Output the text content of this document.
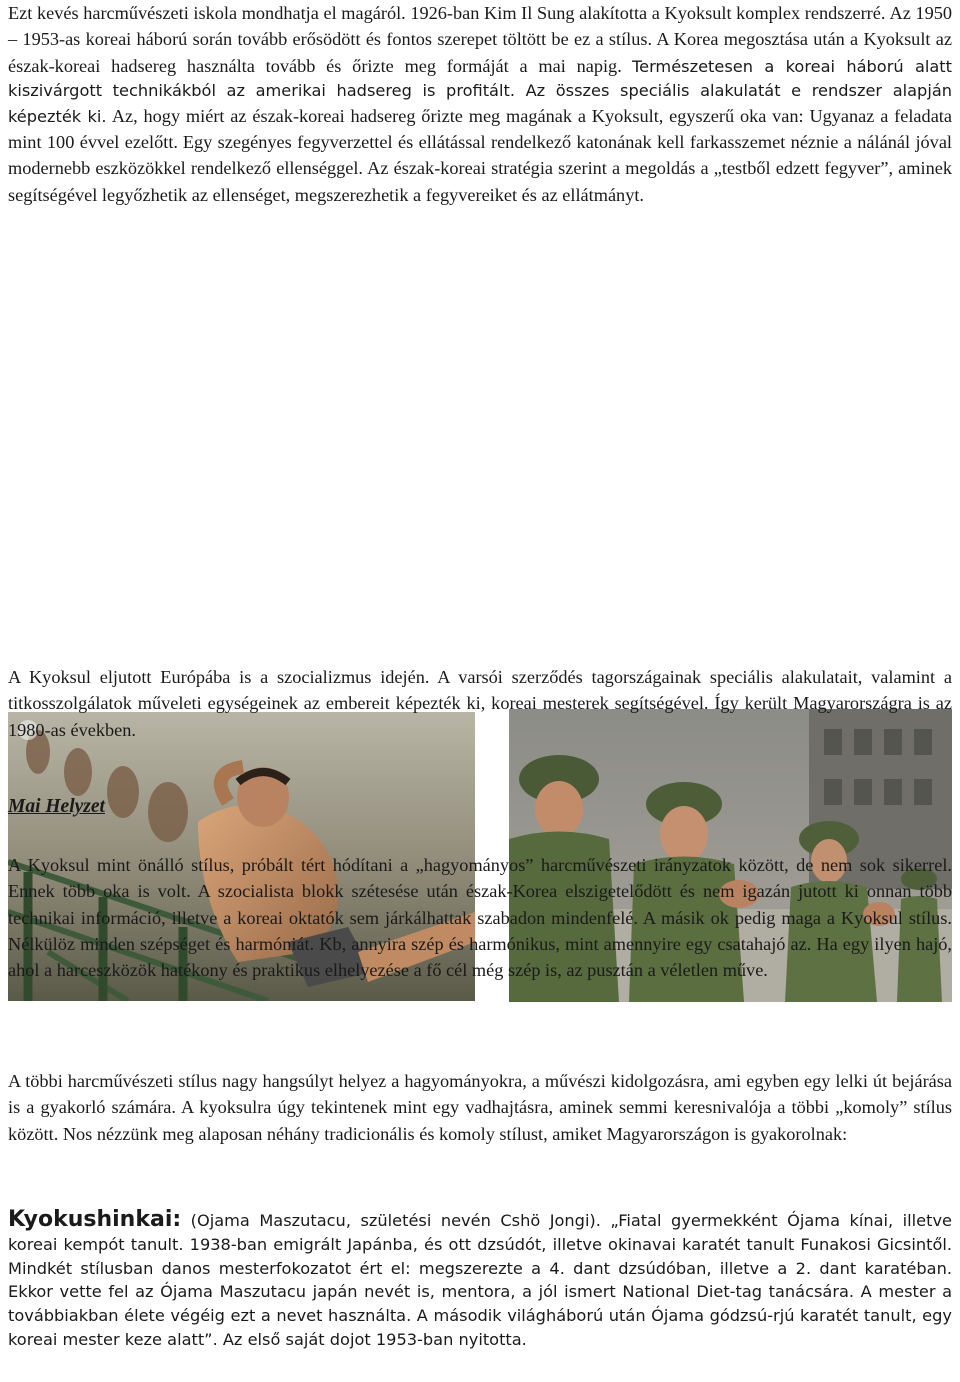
Ezt kevés harcművészeti iskola mondhatja el magáról. 1926-ban Kim Il Sung alakította a Kyoksult komplex rendszerré. Az 1950 – 1953-as koreai háború során tovább erősödött és fontos szerepet töltött be ez a stílus. A Korea megosztása után a Kyoksult az észak-koreai hadsereg használta tovább és őrizte meg formáját a mai napig. Természetesen a koreai háború alatt kiszivárgott technikákból az amerikai hadsereg is profitált. Az összes speciális alakulatát e rendszer alapján képezték ki. Az, hogy miért az észak-koreai hadsereg őrizte meg magának a Kyoksult, egyszerű oka van: Ugyanaz a feladata mint 100 évvel ezelőtt. Egy szegényes fegyverzettel és ellátással rendelkező katonának kell farkasszemet néznie a nálánál jóval modernebb eszközökkel rendelkező ellenséggel. Az észak-koreai stratégia szerint a megoldás a „testből edzett fegyver”, aminek segítségével legyőzhetik az ellenséget, megszerezhetik a fegyvereiket és az ellátmányt.

A Kyoksul eljutott Európába is a szocializmus idején. A varsói szerződés tagországainak speciális alakulatait, valamint a titkosszolgálatok műveleti egységeinek az embereit képezték ki, koreai mesterek segítségével. Így került Magyarországra is az 1980-as években.

Mai Helyzet

A Kyoksul mint önálló stílus, próbált tért hódítani a „hagyományos” harcművészeti irányzatok között, de nem sok sikerrel. Ennek több oka is volt. A szocialista blokk szétesése után észak-Korea elszigetelődött és nem igazán jutott ki onnan több technikai információ, illetve a koreai oktatók sem járkálhattak szabadon mindenfelé. A másik ok pedig maga a Kyoksul stílus. Nélkülöz minden szépséget és harmóniát. Kb, annyira szép és harmónikus, mint amennyire egy csatahajó az. Ha egy ilyen hajó, ahol a harceszközök hatékony és praktikus elhelyezése a fő cél még szép is, az pusztán a véletlen műve.

A többi harcművészeti stílus nagy hangsúlyt helyez a hagyományokra, a művészi kidolgozásra, ami egyben egy lelki út bejárása is a gyakorló számára. A kyoksulra úgy tekintenek mint egy vadhajtásra, aminek semmi keresnivalója a többi „komoly” stílus között. Nos nézzünk meg alaposan néhány tradicionális és komoly stílust, amiket Magyarországon is gyakorolnak:

Kyokushinkai: (Ojama Maszutacu, születési nevén Cshö Jongi). „Fiatal gyermekként Ójama kínai, illetve koreai kempót tanult. 1938-ban emigrált Japánba, és ott dzsúdót, illetve okinavai karatét tanult Funakosi Gicsintől. Mindkét stílusban danos mesterfokozatot ért el: megszerezte a 4. dant dzsúdóban, illetve a 2. dant karatéban. Ekkor vette fel az Ójama Maszutacu japán nevét is, mentora, a jól ismert National Diet-tag tanácsára. A mester a továbbiakban élete végéig ezt a nevet használta. A második világháború után Ójama gódzsú-rjú karatét tanult, egy koreai mester keze alatt”. Az első saját dojot 1953-ban nyitotta.
